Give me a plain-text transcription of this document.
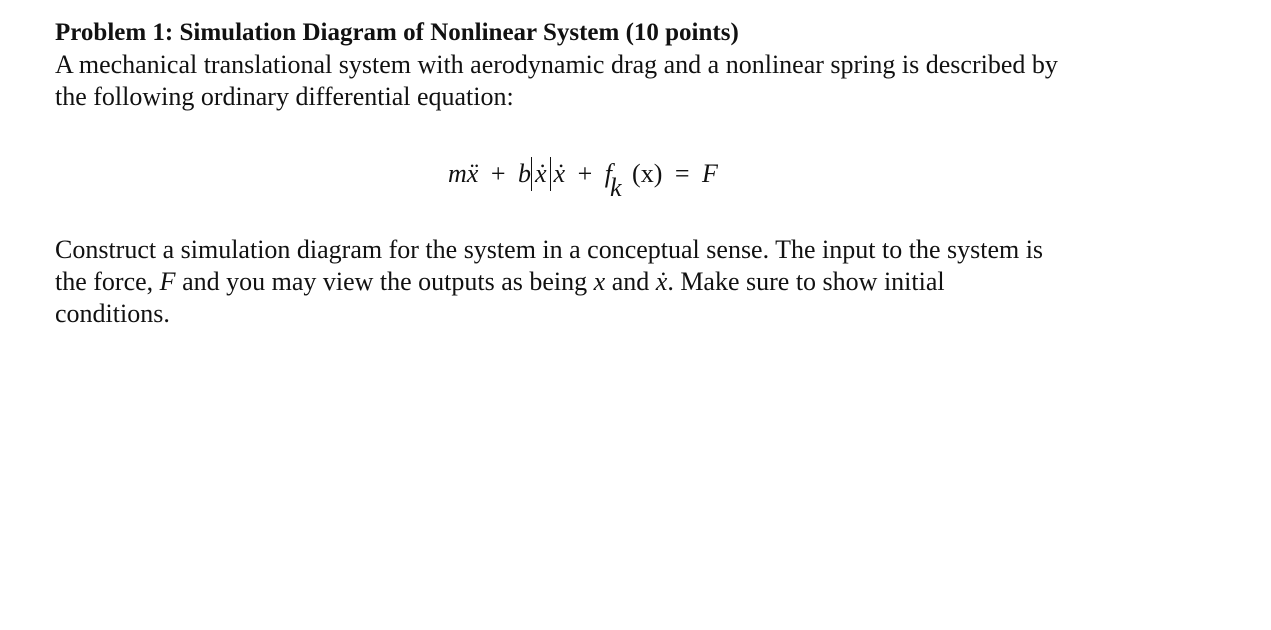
Problem 1: Simulation Diagram of Nonlinear System (10 points)

A mechanical translational system with aerodynamic drag and a nonlinear spring is described by

the following ordinary differential equation:

mẍ + b ẋ ẋ + fk (x) = F

Construct a simulation diagram for the system in a conceptual sense. The input to the system is

the force, F and you may view the outputs as being x and ẋ. Make sure to show initial

conditions.
